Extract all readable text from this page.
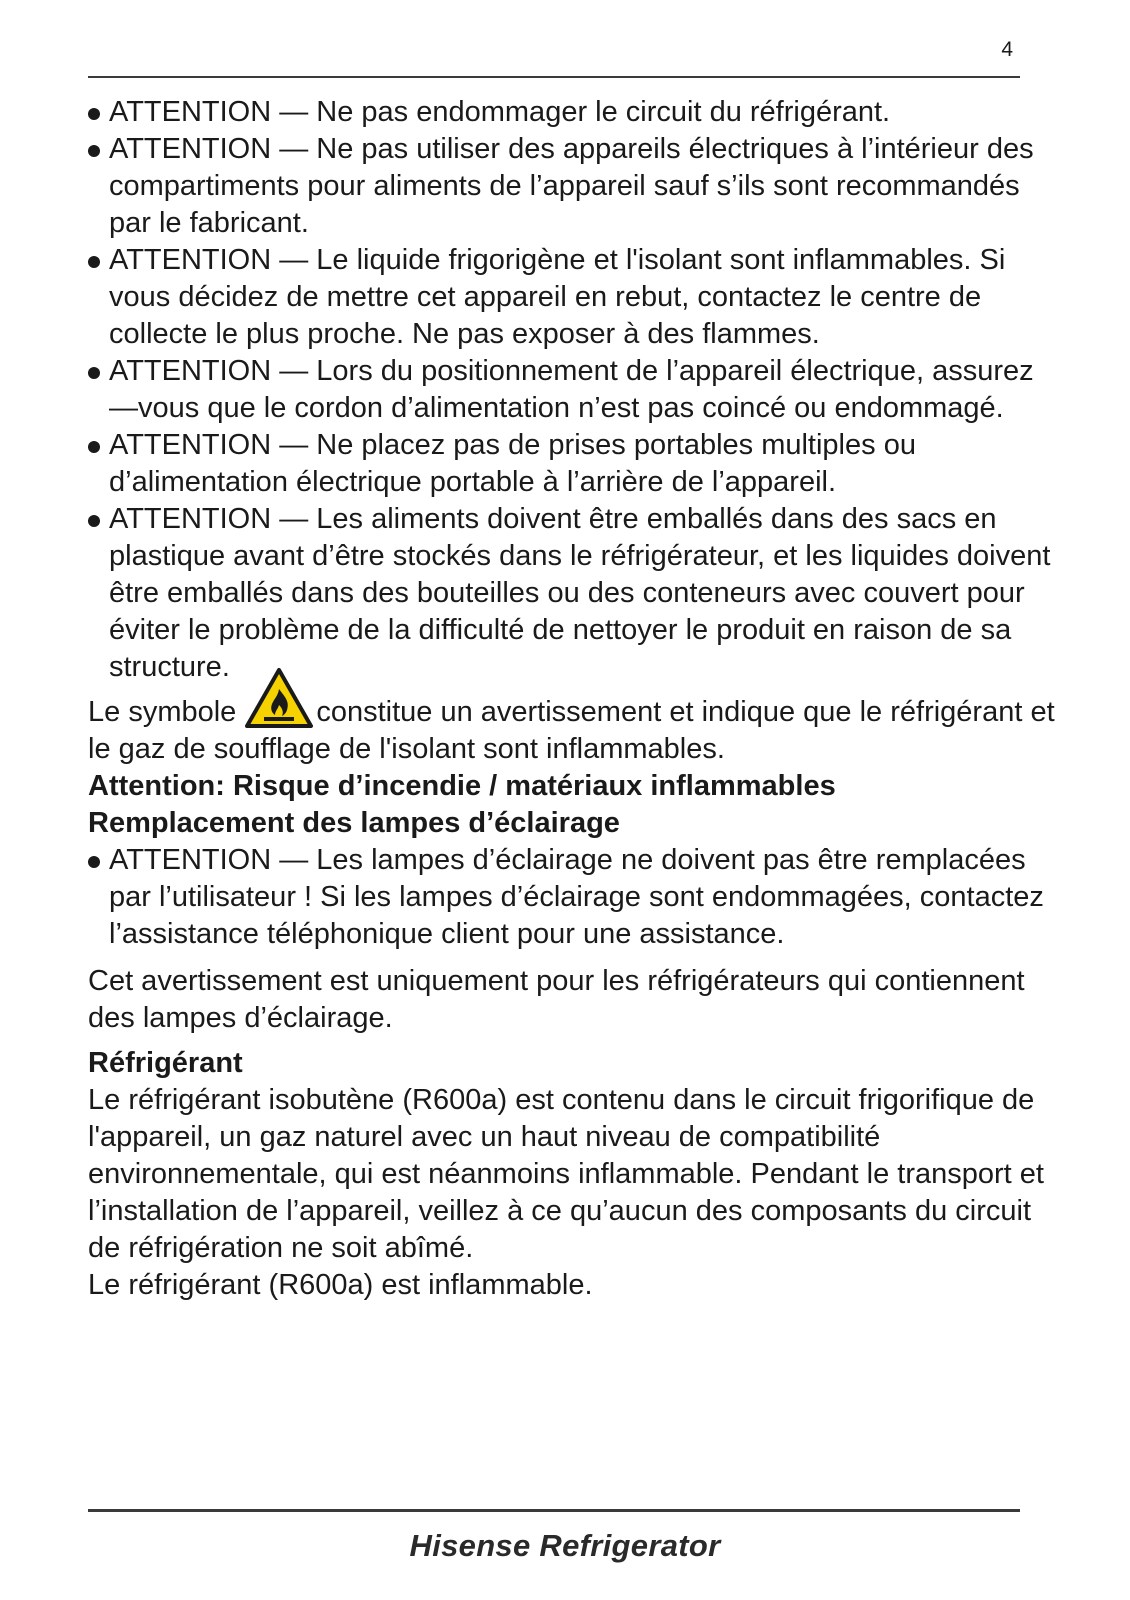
4
ATTENTION — Ne pas endommager le circuit du réfrigérant.
ATTENTION — Ne pas utiliser des appareils électriques à l’intérieur des compartiments pour aliments de l’appareil sauf s’ils sont recommandés par le fabricant.
ATTENTION — Le liquide frigorigène et l'isolant sont inflammables. Si vous décidez de mettre cet appareil en rebut, contactez le centre de collecte le plus proche. Ne pas exposer à des flammes.
ATTENTION — Lors du positionnement de l’appareil électrique, assurez—vous que le cordon d’alimentation n’est pas coincé ou endommagé.
ATTENTION — Ne placez pas de prises portables multiples ou d’alimentation électrique portable à l’arrière de l’appareil.
ATTENTION — Les aliments doivent être emballés dans des sacs en plastique avant d’être stockés dans le réfrigérateur, et les liquides doivent être emballés dans des bouteilles ou des conteneurs avec couvert pour éviter le problème de la difficulté de nettoyer le produit en raison de sa structure.

Le symbole	constitue un avertissement et indique que le réfrigérant et le gaz de soufflage de l'isolant sont inflammables.

Attention: Risque d’incendie / matériaux inflammables

Remplacement des lampes d’éclairage

ATTENTION — Les lampes d’éclairage ne doivent pas être remplacées par l’utilisateur ! Si les lampes d’éclairage sont endommagées, contactez l’assistance téléphonique client pour une assistance.

Cet avertissement est uniquement pour les réfrigérateurs qui contiennent des lampes d’éclairage.

Réfrigérant

Le réfrigérant isobutène (R600a) est contenu dans le circuit frigorifique de l'appareil, un gaz naturel avec un haut niveau de compatibilité environnementale, qui est néanmoins inflammable. Pendant le transport et l’installation de l’appareil, veillez à ce qu’aucun des composants du circuit de réfrigération ne soit abîmé.

Le réfrigérant (R600a) est inflammable.

Hisense Refrigerator
